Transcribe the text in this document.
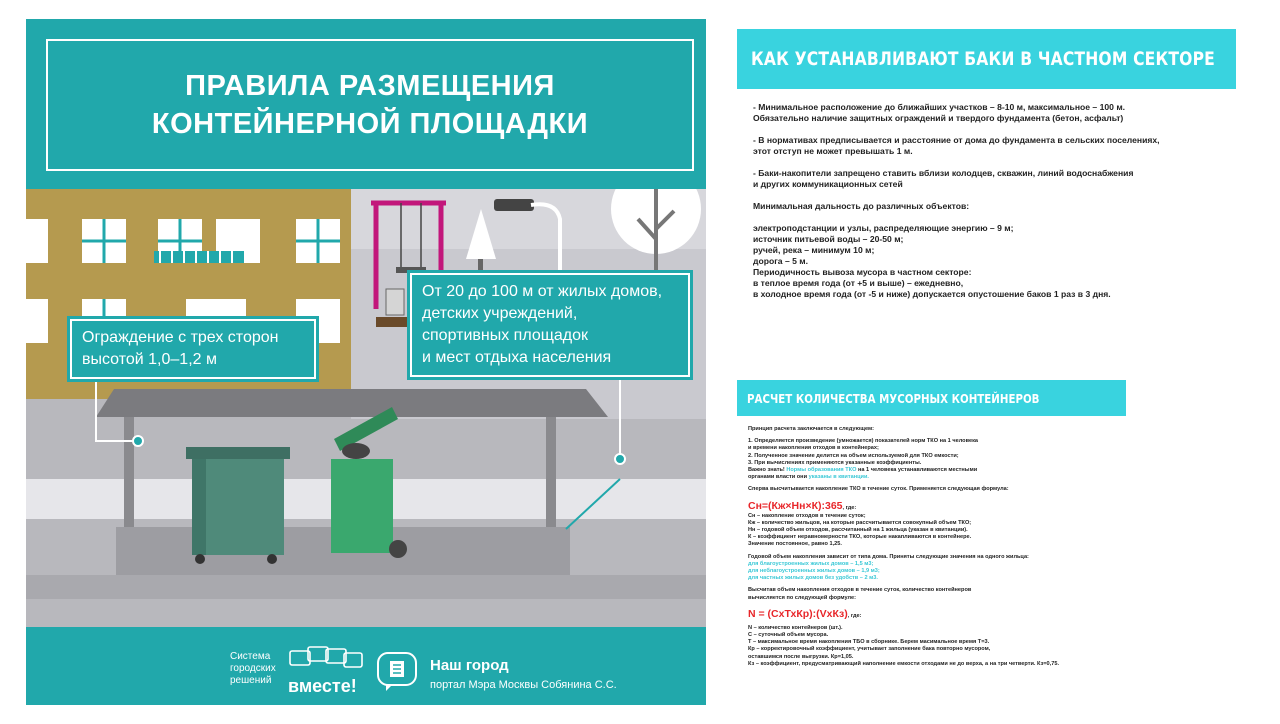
ПРАВИЛА РАЗМЕЩЕНИЯ
КОНТЕЙНЕРНОЙ ПЛОЩАДКИ
Ограждение с трех сторон
высотой 1,0–1,2 м
От 20 до 100 м от жилых домов,
детских учреждений,
спортивных площадок
и мест отдыха населения
Система
городских
решений вместе!
Наш город
портал Мэра Москвы Собянина С.С.
КАК УСТАНАВЛИВАЮТ БАКИ В ЧАСТНОМ СЕКТОРЕ

- Минимальное расположение до ближайших участков – 8-10 м, максимальное – 100 м.
Обязательно наличие защитных ограждений и твердого фундамента (бетон, асфальт)

- В нормативах предписывается и расстояние от дома до фундамента в сельских поселениях,
этот отступ не может превышать 1 м.

- Баки-накопители запрещено ставить вблизи колодцев, скважин, линий водоснабжения
и других коммуникационных сетей

Минимальная дальность до различных объектов:

электроподстанции и узлы, распределяющие энергию – 9 м;
источник питьевой воды – 20-50 м;
ручей, река – минимум 10 м;
дорога – 5 м.
Периодичность вывоза мусора в частном секторе:
в теплое время года (от +5 и выше) – ежедневно,
в холодное время года (от -5 и ниже) допускается опустошение баков 1 раз в 3 дня.

РАСЧЕТ КОЛИЧЕСТВА МУСОРНЫХ КОНТЕЙНЕРОВ
Принцип расчета заключается в следующем:
1. Определяется произведение (умножается) показателей норм ТКО на 1 человека
и времени накопления отходов в контейнерах;
2. Полученное значение делится на объем используемой для ТКО емкости;
3. При вычислениях применяются указанные коэффициенты.
Важно знать! Нормы образования ТКО на 1 человека устанавливаются местными
органами власти они указаны в квитанции.
Сперва высчитывается накопление ТКО в течение суток. Применяется следующая формула:
Сн=(Кж×Нн×К):365, где:
Сн – накопление отходов в течение суток;
Кж – количество жильцов, на которые рассчитывается совокупный объем ТКО;
Нн – годовой объем отходов, рассчитанный на 1 жильца (указан в квитанции).
К – коэффициент неравномерности ТКО, которые накапливаются в контейнере.
Значение постоянное, равно 1,25.
Годовой объем накопления зависит от типа дома. Приняты следующие значения на одного жильца:
для благоустроенных жилых домов – 1,5 м3;
для неблагоустроенных жилых домов – 1,9 м3;
для частных жилых домов без удобств – 2 м3.
Высчитав объем накопления отходов в течение суток, количество контейнеров
вычисляется по следующей формуле:
N = (СхТхКр):(VхКз), где:
N – количество контейнеров (шт.).
С – суточный объем мусора.
Т – максимальное время накопления ТБО в сборнике. Берем масимальное время Т=3.
Кр – корректировочный коэффициент, учитывает заполнение бака повторно мусором,
оставшимся после выгрузки. Кр=1,05.
Кз – коэффициент, предусматривающий наполнение емкости отходами не до верха, а на три четверти. Кз=0,75.
